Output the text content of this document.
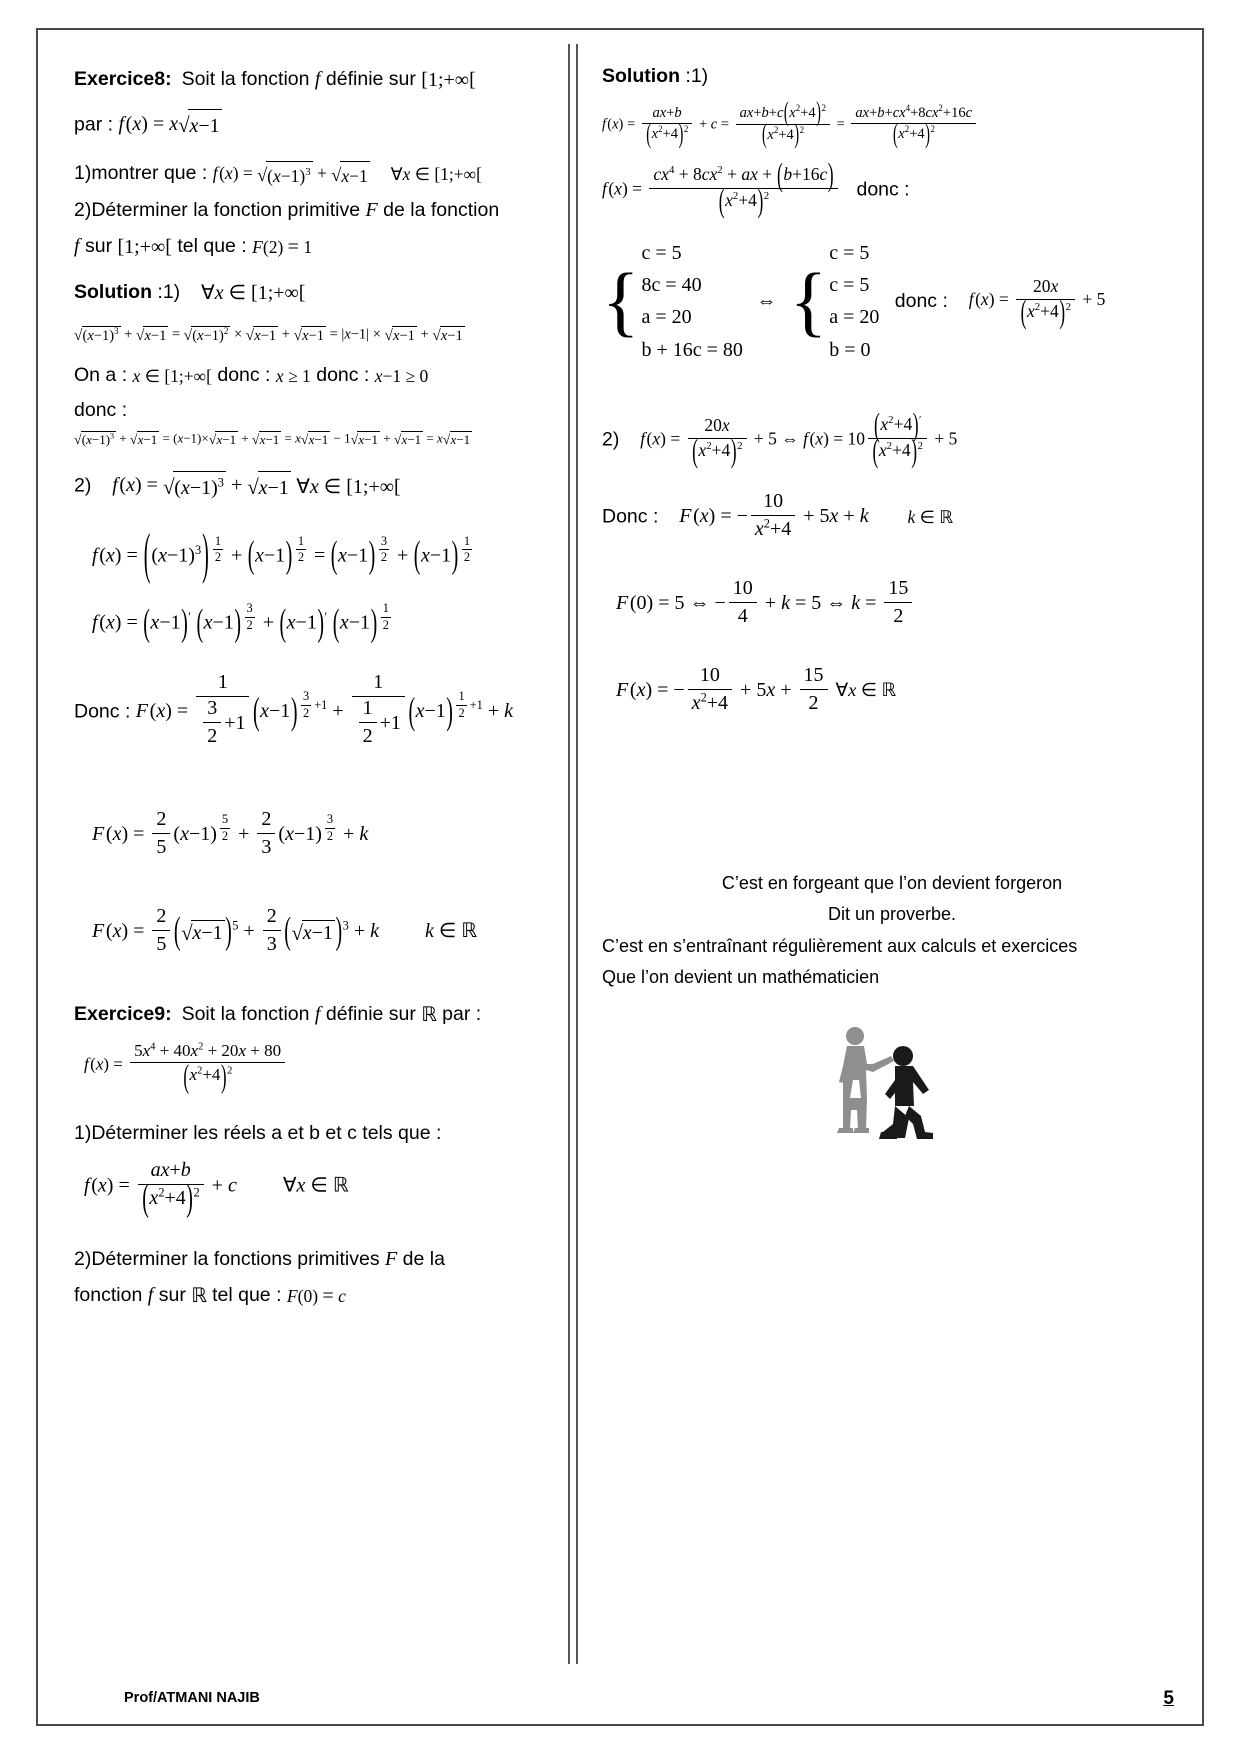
Exercice8: Soit la fonction f définie sur [1;+∞[
par : f (x) = x√x−1
1)montrer que : f $(x) = √(x-1)^3 + √x-1$ ∀x ∈ [1;+∞[
2)Déterminer la fonction primitive F de la fonction
f sur [1;+∞[ tel que : F(2) = 1
Solution :1) ∀x ∈ [1;+∞[
$√(x-1)^3 + √x-1 = √(x-1)^2 \times √x-1 + √x-1 = |x-1| \times √x-1 + √x-1$
On a : x ∈ [1;+∞[ donc : x ≥ 1 donc : x−1 ≥ 0
donc :
$√(x-1)^3 + √x-1 = (x-1)\times√x-1 + √x-1 = x√x-1 - 1√x-1 + √x-1 = x√x-1$
2) f $(x) = √(x-1)^3 + √x-1$ ∀x ∈ [1;+∞[
f $(x) = ((x-1)^3) ^{\frac{1}{2}} + (x-1) ^{\frac{1}{2}} = (x-1) ^{\frac{3}{2}} + (x-1)$ $^{\frac{1}{2}}$
f (x) = (x−1)′ (x−1) $^{\frac{3}{2}}$ + (x−1)′ (x−1) $^{\frac{1}{2}}$
Donc : F $(x) = \frac{1}{\frac{3}{2} +1} (x-1) ^{\frac{3}{2} +1} + \frac{1}{\frac{1}{2} +1} (x-1) ^{\frac{1}{2} +1} + k$
F $(x) = \frac{2}{5} (x-1) ^{\frac{5}{2}} + \frac{2}{3} (x-1) ^{\frac{3}{2}} + k$
F $(x) = \frac{2}{5} (√x-1$ )$^5 + \frac{2}{3} (√x-1$ )$^3$ + k k ∈ ℝ
Exercice9: Soit la fonction f définie sur ℝ par :
f $(x) = \frac{5x^4 + 40x^2 + 20x + 80}{(x^2+4)^2}$
1)Déterminer les réels a et b et c tels que :
f $(x) = \frac{ax+b}{(x^2+4)^2} + c$ ∀x ∈ ℝ
2)Déterminer la fonctions primitives F de la
fonction f sur ℝ tel que : F(0) = c
Solution :1)
f $(x) = \frac{ax+b}{(x^2+4)^2} + c = \frac{ax+b+c(x^2+4)^2}{(x^2+4)^2} = \frac{ax+b+cx^4+8cx^2+16c}{(x^2+4)^2}$
f $(x) = \frac{cx^4 + 8cx^2 + ax + (b+16c)}{(x^2+4)^2}$ donc :
{
c = 5
8c = 40
a = 20
b + 16c = 80
⇔ {
c = 5
c = 5
a = 20
b = 0
donc : f $(x) = \frac{20x}{(x^2+4)^2} + 5$
2) f $(x) = \frac{20x}{(x^2+4)^2} + 5$ ⇔ f $(x) = 10 \frac{(x^2+4)'}{(x^2+4)^2} + 5$
Donc : F (x) = − $\frac{10}{x^2+4} + 5x + k$ k ∈ ℝ
F (0) = 5 ⇔ − $\frac{10}{4} + k = 5$ ⇔ $k = \frac{15}{2}$
F (x) = − $\frac{10}{x^2+4} + 5x + \frac{15}{2}$ ∀x ∈ ℝ
C’est en forgeant que l’on devient forgeron
Dit un proverbe.
C’est en s’entraînant régulièrement aux calculs et exercices
Que l’on devient un mathématicien
Prof/ATMANI NAJIB	5
